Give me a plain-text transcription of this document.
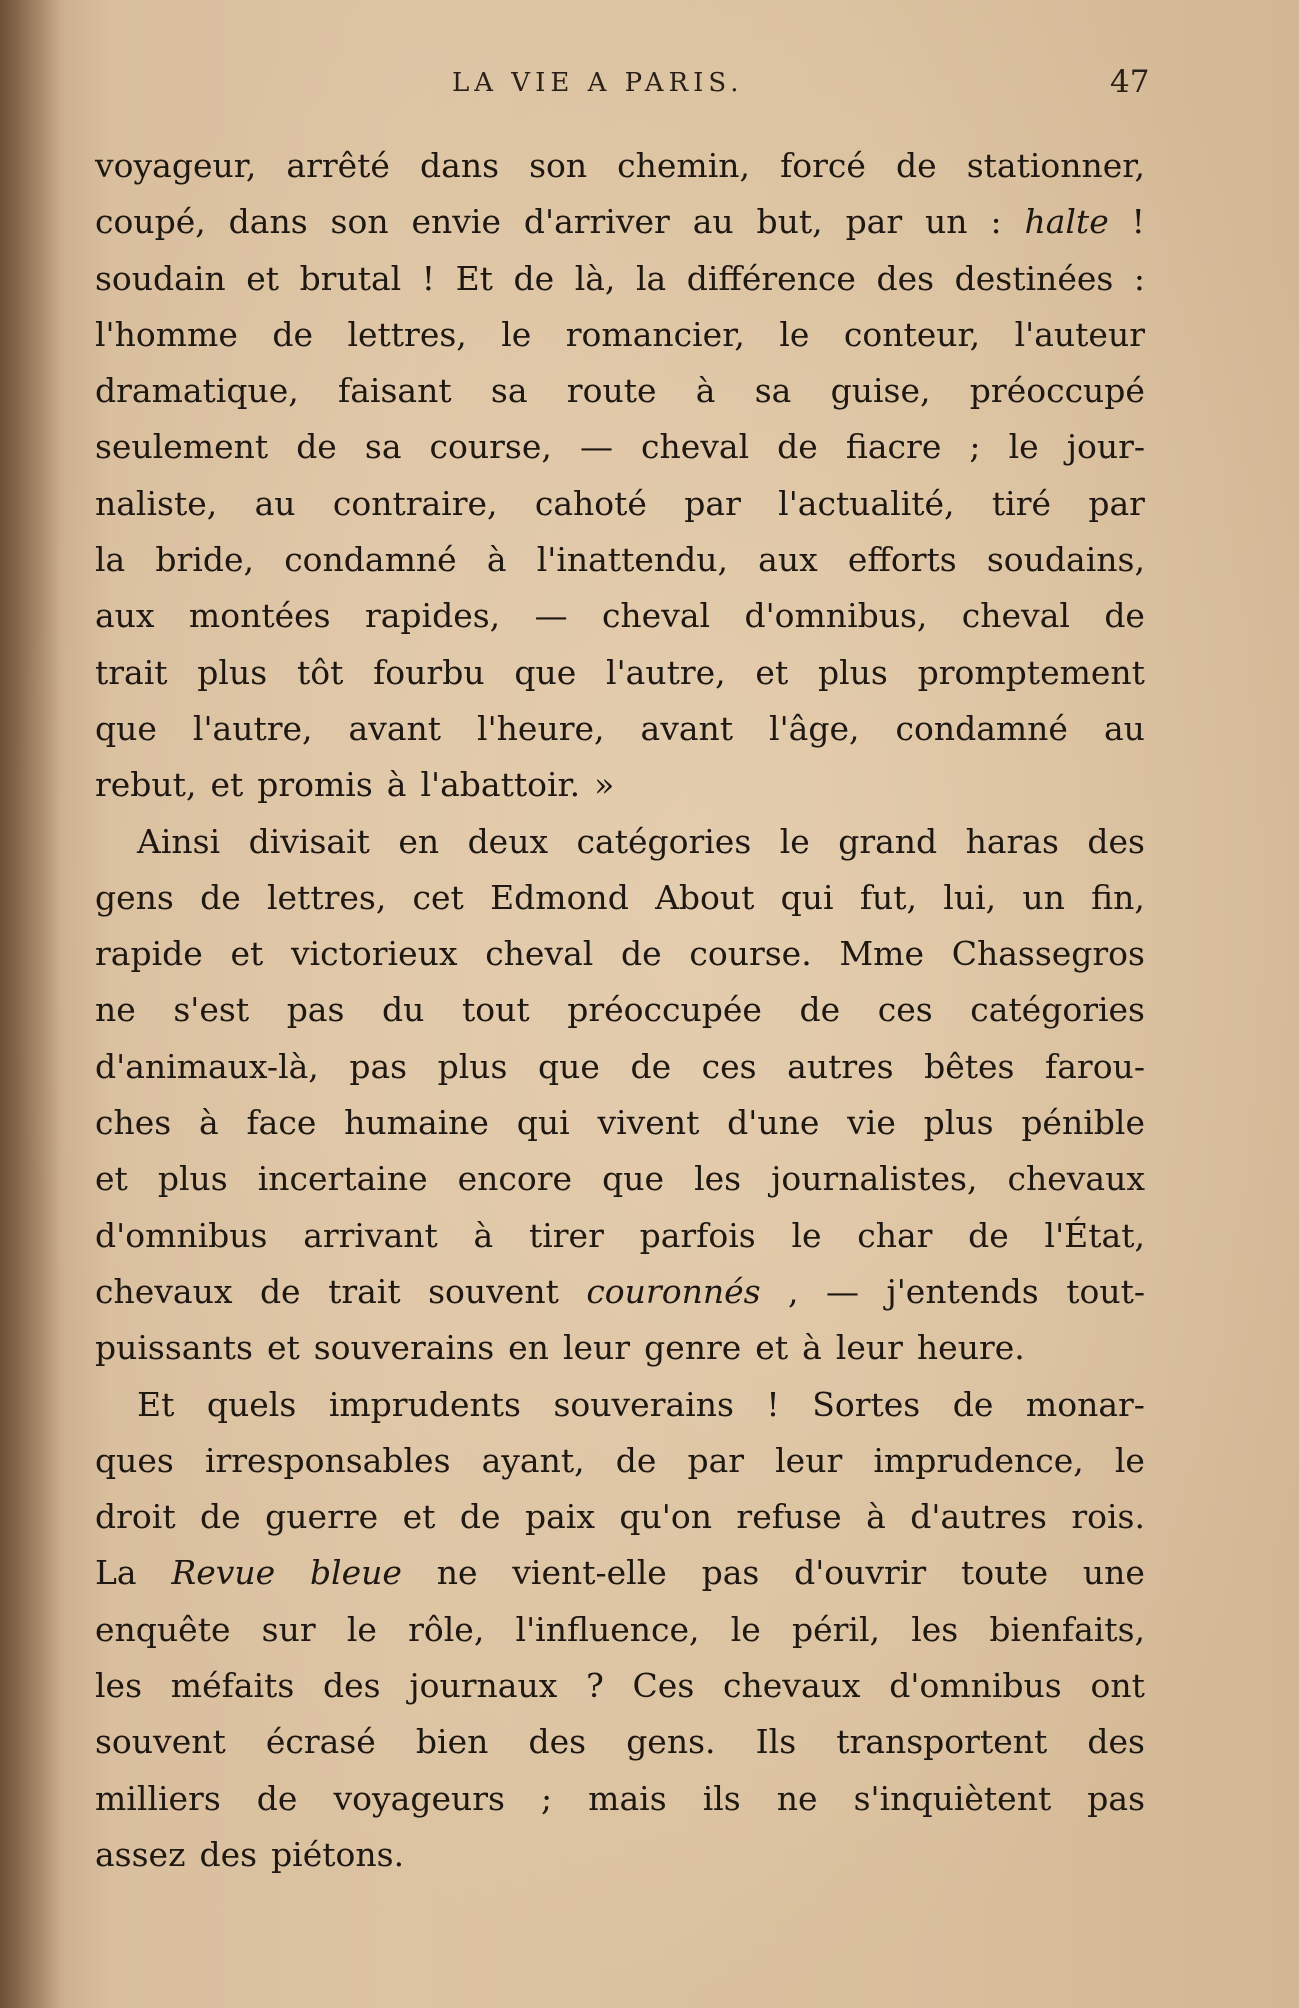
LA VIE A PARIS.	47
voyageur, arrêté dans son chemin, forcé de stationner,
coupé, dans son envie d'arriver au but, par un : halte !
soudain et brutal ! Et de là, la différence des destinées :
l'homme de lettres, le romancier, le conteur, l'auteur
dramatique, faisant sa route à sa guise, préoccupé
seulement de sa course, — cheval de fiacre ; le jour-
naliste, au contraire, cahoté par l'actualité, tiré par
la bride, condamné à l'inattendu, aux efforts soudains,
aux montées rapides, — cheval d'omnibus, cheval de
trait plus tôt fourbu que l'autre, et plus promptement
que l'autre, avant l'heure, avant l'âge, condamné au
rebut, et promis à l'abattoir. »
Ainsi divisait en deux catégories le grand haras des
gens de lettres, cet Edmond About qui fut, lui, un fin,
rapide et victorieux cheval de course. Mme Chassegros
ne s'est pas du tout préoccupée de ces catégories
d'animaux-là, pas plus que de ces autres bêtes farou-
ches à face humaine qui vivent d'une vie plus pénible
et plus incertaine encore que les journalistes, chevaux
d'omnibus arrivant à tirer parfois le char de l'État,
chevaux de trait souvent couronnés , — j'entends tout-
puissants et souverains en leur genre et à leur heure.
Et quels imprudents souverains ! Sortes de monar-
ques irresponsables ayant, de par leur imprudence, le
droit de guerre et de paix qu'on refuse à d'autres rois.
La Revue bleue ne vient-elle pas d'ouvrir toute une
enquête sur le rôle, l'influence, le péril, les bienfaits,
les méfaits des journaux ? Ces chevaux d'omnibus ont
souvent écrasé bien des gens. Ils transportent des
milliers de voyageurs ; mais ils ne s'inquiètent pas
assez des piétons.
